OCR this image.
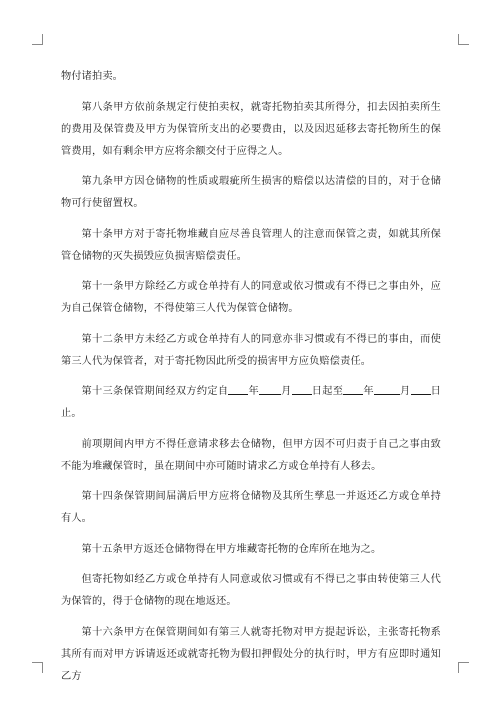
物付诸拍卖。

第八条甲方依前条规定行使拍卖权，就寄托物拍卖其所得分，扣去因拍卖所生的费用及保管费及甲方为保管所支出的必要费由，以及因迟延移去寄托物所生的保管费用，如有剩余甲方应将余额交付于应得之人。

第九条甲方因仓储物的性质或瑕疵所生损害的赔偿以达清偿的目的，对于仓储物可行使留置权。

第十条甲方对于寄托物堆藏自应尽善良管理人的注意而保管之责，如就其所保管仓储物的灭失损毁应负损害赔偿责任。

第十一条甲方除经乙方或仓单持有人的同意或依习惯或有不得已之事由外，应为自己保管仓储物，不得使第三人代为保管仓储物。

第十二条甲方未经乙方或仓单持有人的同意亦非习惯或有不得已的事由，而使第三人代为保管者，对于寄托物因此所受的损害甲方应负赔偿责任。

第十三条保管期间经双方约定自 年 月 日起至 年	月 日止。

前项期间内甲方不得任意请求移去仓储物，但甲方因不可归责于自己之事由致不能为堆藏保管时，虽在期间中亦可随时请求乙方或仓单持有人移去。

第十四条保管期间届满后甲方应将仓储物及其所生孳息一并返还乙方或仓单持有人。

第十五条甲方返还仓储物得在甲方堆藏寄托物的仓库所在地为之。

但寄托物如经乙方或仓单持有人同意或依习惯或有不得已之事由转使第三人代为保管的，得于仓储物的现在地返还。

第十六条甲方在保管期间如有第三人就寄托物对甲方提起诉讼，主张寄托物系其所有而对甲方诉请返还或就寄托物为假扣押假处分的执行时，甲方有应即时通知乙方
